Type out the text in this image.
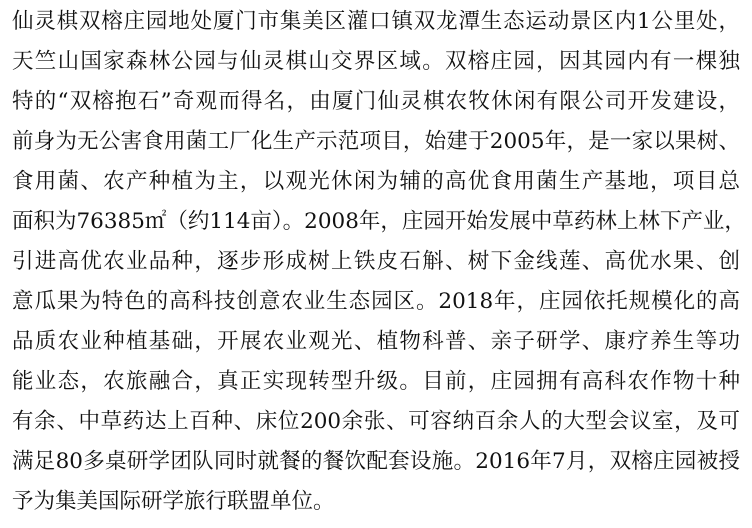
仙灵棋双榕庄园地处厦门市集美区灌口镇双龙潭生态运动景区内1公里处，
天竺山国家森林公园与仙灵棋山交界区域。双榕庄园，因其园内有一棵独
特的“双榕抱石”奇观而得名，由厦门仙灵棋农牧休闲有限公司开发建设，
前身为无公害食用菌工厂化生产示范项目，始建于2005年，是一家以果树、
食用菌、农产种植为主，以观光休闲为辅的高优食用菌生产基地，项目总
面积为76385㎡（约114亩）。2008年，庄园开始发展中草药林上林下产业，
引进高优农业品种，逐步形成树上铁皮石斛、树下金线莲、高优水果、创
意瓜果为特色的高科技创意农业生态园区。2018年，庄园依托规模化的高
品质农业种植基础，开展农业观光、植物科普、亲子研学、康疗养生等功
能业态，农旅融合，真正实现转型升级。目前，庄园拥有高科农作物十种
有余、中草药达上百种、床位200余张、可容纳百余人的大型会议室，及可
满足80多桌研学团队同时就餐的餐饮配套设施。2016年7月，双榕庄园被授
予为集美国际研学旅行联盟单位。
